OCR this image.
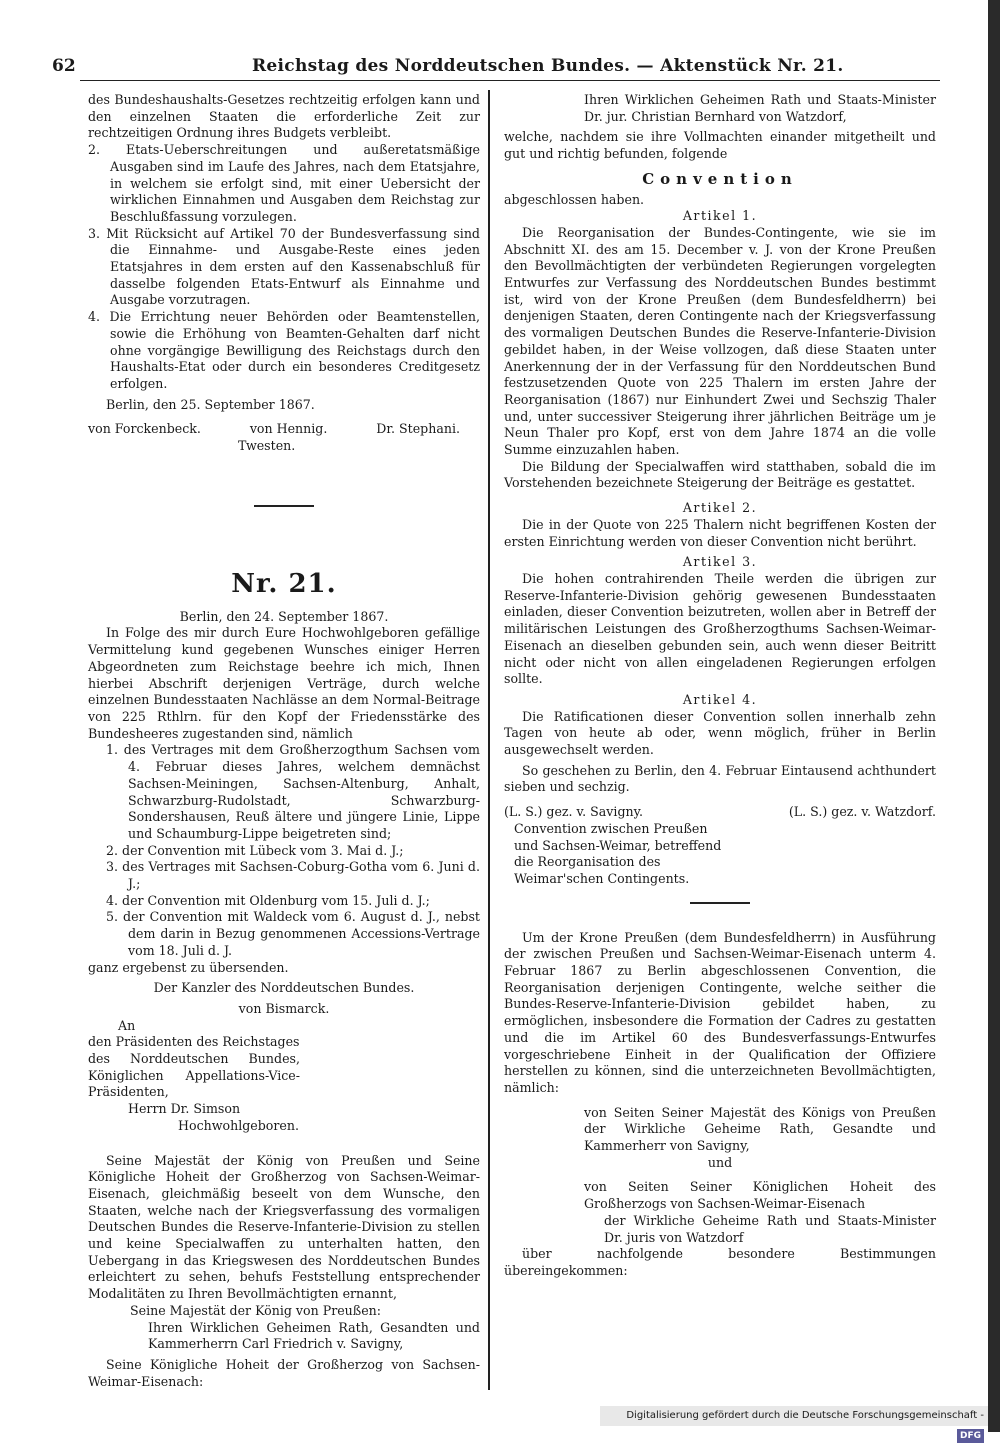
62	Reichstag des Norddeutschen Bundes. — Aktenstück Nr. 21.

des Bundeshaushalts-Gesetzes rechtzeitig erfolgen kann und den einzelnen Staaten die erforderliche Zeit zur rechtzeitigen Ordnung ihres Budgets verbleibt.

2. Etats-Ueberschreitungen und außeretatsmäßige Ausgaben sind im Laufe des Jahres, nach dem Etatsjahre, in welchem sie erfolgt sind, mit einer Uebersicht der wirklichen Einnahmen und Ausgaben dem Reichstag zur Beschlußfassung vorzulegen.

3. Mit Rücksicht auf Artikel 70 der Bundesverfassung sind die Einnahme- und Ausgabe-Reste eines jeden Etatsjahres in dem ersten auf den Kassenabschluß für dasselbe folgenden Etats-Entwurf als Einnahme und Ausgabe vorzutragen.

4. Die Errichtung neuer Behörden oder Beamtenstellen, sowie die Erhöhung von Beamten-Gehalten darf nicht ohne vorgängige Bewilligung des Reichstags durch den Haushalts-Etat oder durch ein besonderes Creditgesetz erfolgen.

Berlin, den 25. September 1867.

von Forckenbeck.	von Hennig.	Dr. Stephani.

Twesten.

Nr. 21.

Berlin, den 24. September 1867.

In Folge des mir durch Eure Hochwohlgeboren gefällige Vermittelung kund gegebenen Wunsches einiger Herren Abgeordneten zum Reichstage beehre ich mich, Ihnen hierbei Abschrift derjenigen Verträge, durch welche einzelnen Bundesstaaten Nachlässe an dem Normal-Beitrage von 225 Rthlrn. für den Kopf der Friedensstärke des Bundesheeres zugestanden sind, nämlich

1. des Vertrages mit dem Großherzogthum Sachsen vom 4. Februar dieses Jahres, welchem demnächst Sachsen-Meiningen, Sachsen-Altenburg, Anhalt, Schwarzburg-Rudolstadt, Schwarzburg-Sondershausen, Reuß ältere und jüngere Linie, Lippe und Schaumburg-Lippe beigetreten sind;

2. der Convention mit Lübeck vom 3. Mai d. J.;

3. des Vertrages mit Sachsen-Coburg-Gotha vom 6. Juni d. J.;

4. der Convention mit Oldenburg vom 15. Juli d. J.;

5. der Convention mit Waldeck vom 6. August d. J., nebst dem darin in Bezug genommenen Accessions-Vertrage vom 18. Juli d. J.

ganz ergebenst zu übersenden.

Der Kanzler des Norddeutschen Bundes.

von Bismarck.

An

den Präsidenten des Reichstages

des Norddeutschen Bundes, Königlichen Appellations-Vice-Präsidenten,

Herrn Dr. Simson

Hochwohlgeboren.

Seine Majestät der König von Preußen und Seine Königliche Hoheit der Großherzog von Sachsen-Weimar-Eisenach, gleichmäßig beseelt von dem Wunsche, den Staaten, welche nach der Kriegsverfassung des vormaligen Deutschen Bundes die Reserve-Infanterie-Division zu stellen und keine Specialwaffen zu unterhalten hatten, den Uebergang in das Kriegswesen des Norddeutschen Bundes erleichtert zu sehen, behufs Feststellung entsprechender Modalitäten zu Ihren Bevollmächtigten ernannt,

Seine Majestät der König von Preußen:

Ihren Wirklichen Geheimen Rath, Gesandten und Kammerherrn Carl Friedrich v. Savigny,

Seine Königliche Hoheit der Großherzog von Sachsen-Weimar-Eisenach:

Ihren Wirklichen Geheimen Rath und Staats-Minister Dr. jur. Christian Bernhard von Watzdorf,

welche, nachdem sie ihre Vollmachten einander mitgetheilt und gut und richtig befunden, folgende

Convention

abgeschlossen haben.

Artikel 1.

Die Reorganisation der Bundes-Contingente, wie sie im Abschnitt XI. des am 15. December v. J. von der Krone Preußen den Bevollmächtigten der verbündeten Regierungen vorgelegten Entwurfes zur Verfassung des Norddeutschen Bundes bestimmt ist, wird von der Krone Preußen (dem Bundesfeldherrn) bei denjenigen Staaten, deren Contingente nach der Kriegsverfassung des vormaligen Deutschen Bundes die Reserve-Infanterie-Division gebildet haben, in der Weise vollzogen, daß diese Staaten unter Anerkennung der in der Verfassung für den Norddeutschen Bund festzusetzenden Quote von 225 Thalern im ersten Jahre der Reorganisation (1867) nur Einhundert Zwei und Sechszig Thaler und, unter successiver Steigerung ihrer jährlichen Beiträge um je Neun Thaler pro Kopf, erst von dem Jahre 1874 an die volle Summe einzuzahlen haben.

Die Bildung der Specialwaffen wird statthaben, sobald die im Vorstehenden bezeichnete Steigerung der Beiträge es gestattet.

Artikel 2.

Die in der Quote von 225 Thalern nicht begriffenen Kosten der ersten Einrichtung werden von dieser Convention nicht berührt.

Artikel 3.

Die hohen contrahirenden Theile werden die übrigen zur Reserve-Infanterie-Division gehörig gewesenen Bundesstaaten einladen, dieser Convention beizutreten, wollen aber in Betreff der militärischen Leistungen des Großherzogthums Sachsen-Weimar-Eisenach an dieselben gebunden sein, auch wenn dieser Beitritt nicht oder nicht von allen eingeladenen Regierungen erfolgen sollte.

Artikel 4.

Die Ratificationen dieser Convention sollen innerhalb zehn Tagen von heute ab oder, wenn möglich, früher in Berlin ausgewechselt werden.

So geschehen zu Berlin, den 4. Februar Eintausend achthundert sieben und sechzig.

(L. S.) gez. v. Savigny.	(L. S.) gez. v. Watzdorf.

Convention zwischen Preußen und Sachsen-Weimar, betreffend die Reorganisation des Weimar'schen Contingents.

Um der Krone Preußen (dem Bundesfeldherrn) in Ausführung der zwischen Preußen und Sachsen-Weimar-Eisenach unterm 4. Februar 1867 zu Berlin abgeschlossenen Convention, die Reorganisation derjenigen Contingente, welche seither die Bundes-Reserve-Infanterie-Division gebildet haben, zu ermöglichen, insbesondere die Formation der Cadres zu gestatten und die im Artikel 60 des Bundesverfassungs-Entwurfes vorgeschriebene Einheit in der Qualification der Offiziere herstellen zu können, sind die unterzeichneten Bevollmächtigten, nämlich:

von Seiten Seiner Majestät des Königs von Preußen der Wirkliche Geheime Rath, Gesandte und Kammerherr von Savigny,

und

von Seiten Seiner Königlichen Hoheit des Großherzogs von Sachsen-Weimar-Eisenach

der Wirkliche Geheime Rath und Staats-Minister Dr. juris von Watzdorf

über nachfolgende besondere Bestimmungen übereingekommen:

Digitalisierung gefördert durch die Deutsche Forschungsgemeinschaft -DFG
